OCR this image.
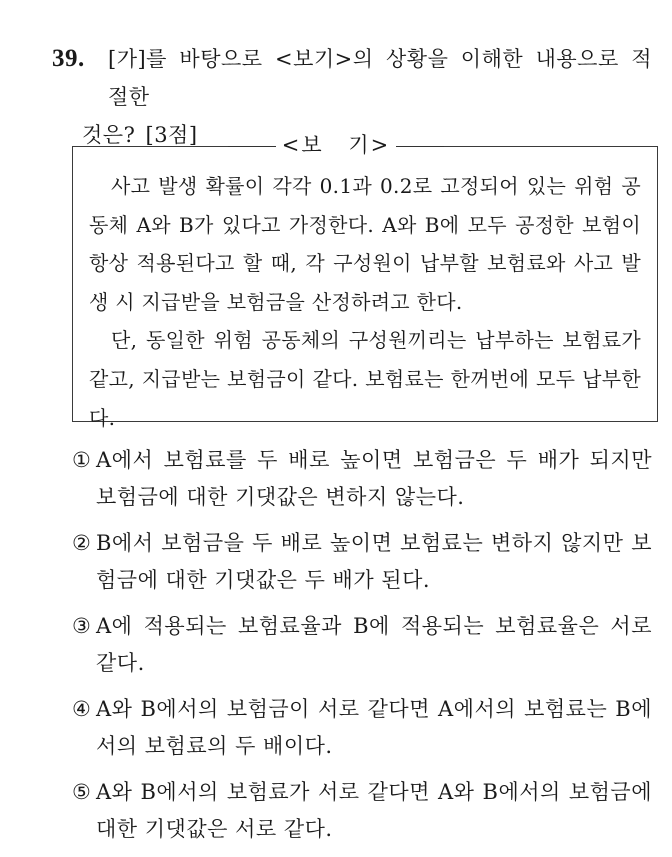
39.	[가]를 바탕으로 <보기>의 상황을 이해한 내용으로 적절한
것은? [3점]

사고 발생 확률이 각각 0.1과 0.2로 고정되어 있는 위험 공동체 A와 B가 있다고 가정한다. A와 B에 모두 공정한 보험이 항상 적용된다고 할 때, 각 구성원이 납부할 보험료와 사고 발생 시 지급받을 보험금을 산정하려고 한다.

단, 동일한 위험 공동체의 구성원끼리는 납부하는 보험료가 같고, 지급받는 보험금이 같다. 보험료는 한꺼번에 모두 납부한다.

<보 기>
① A에서 보험료를 두 배로 높이면 보험금은 두 배가 되지만 보험금에 대한 기댓값은 변하지 않는다.
② B에서 보험금을 두 배로 높이면 보험료는 변하지 않지만 보험금에 대한 기댓값은 두 배가 된다.
③ A에 적용되는 보험료율과 B에 적용되는 보험료율은 서로 같다.
④ A와 B에서의 보험금이 서로 같다면 A에서의 보험료는 B에서의 보험료의 두 배이다.
⑤ A와 B에서의 보험료가 서로 같다면 A와 B에서의 보험금에 대한 기댓값은 서로 같다.
